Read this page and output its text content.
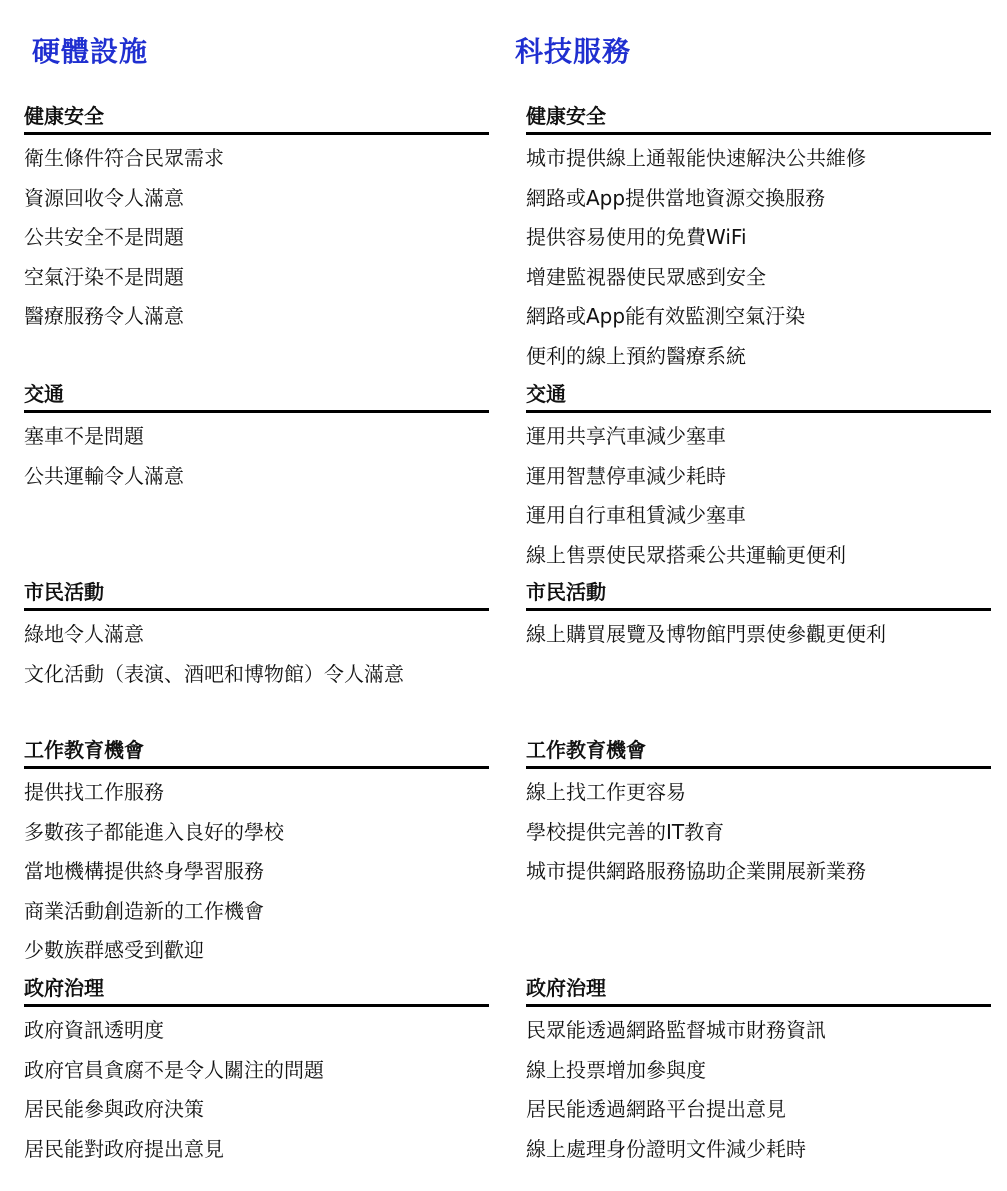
硬體設施	科技服務
健康安全
衛生條件符合民眾需求
資源回收令人滿意
公共安全不是問題
空氣汙染不是問題
醫療服務令人滿意
交通
塞車不是問題
公共運輸令人滿意
市民活動
綠地令人滿意
文化活動（表演、酒吧和博物館）令人滿意
工作教育機會
提供找工作服務
多數孩子都能進入良好的學校
當地機構提供終身學習服務
商業活動創造新的工作機會
少數族群感受到歡迎
政府治理
政府資訊透明度
政府官員貪腐不是令人關注的問題
居民能參與政府決策
居民能對政府提出意見
健康安全
城市提供線上通報能快速解決公共維修
網路或App提供當地資源交換服務
提供容易使用的免費WiFi
增建監視器使民眾感到安全
網路或App能有效監測空氣汙染
便利的線上預約醫療系統
交通
運用共享汽車減少塞車
運用智慧停車減少耗時
運用自行車租賃減少塞車
線上售票使民眾搭乘公共運輸更便利
市民活動
線上購買展覽及博物館門票使參觀更便利
工作教育機會
線上找工作更容易
學校提供完善的IT教育
城市提供網路服務協助企業開展新業務
政府治理
民眾能透過網路監督城市財務資訊
線上投票增加參與度
居民能透過網路平台提出意見
線上處理身份證明文件減少耗時
